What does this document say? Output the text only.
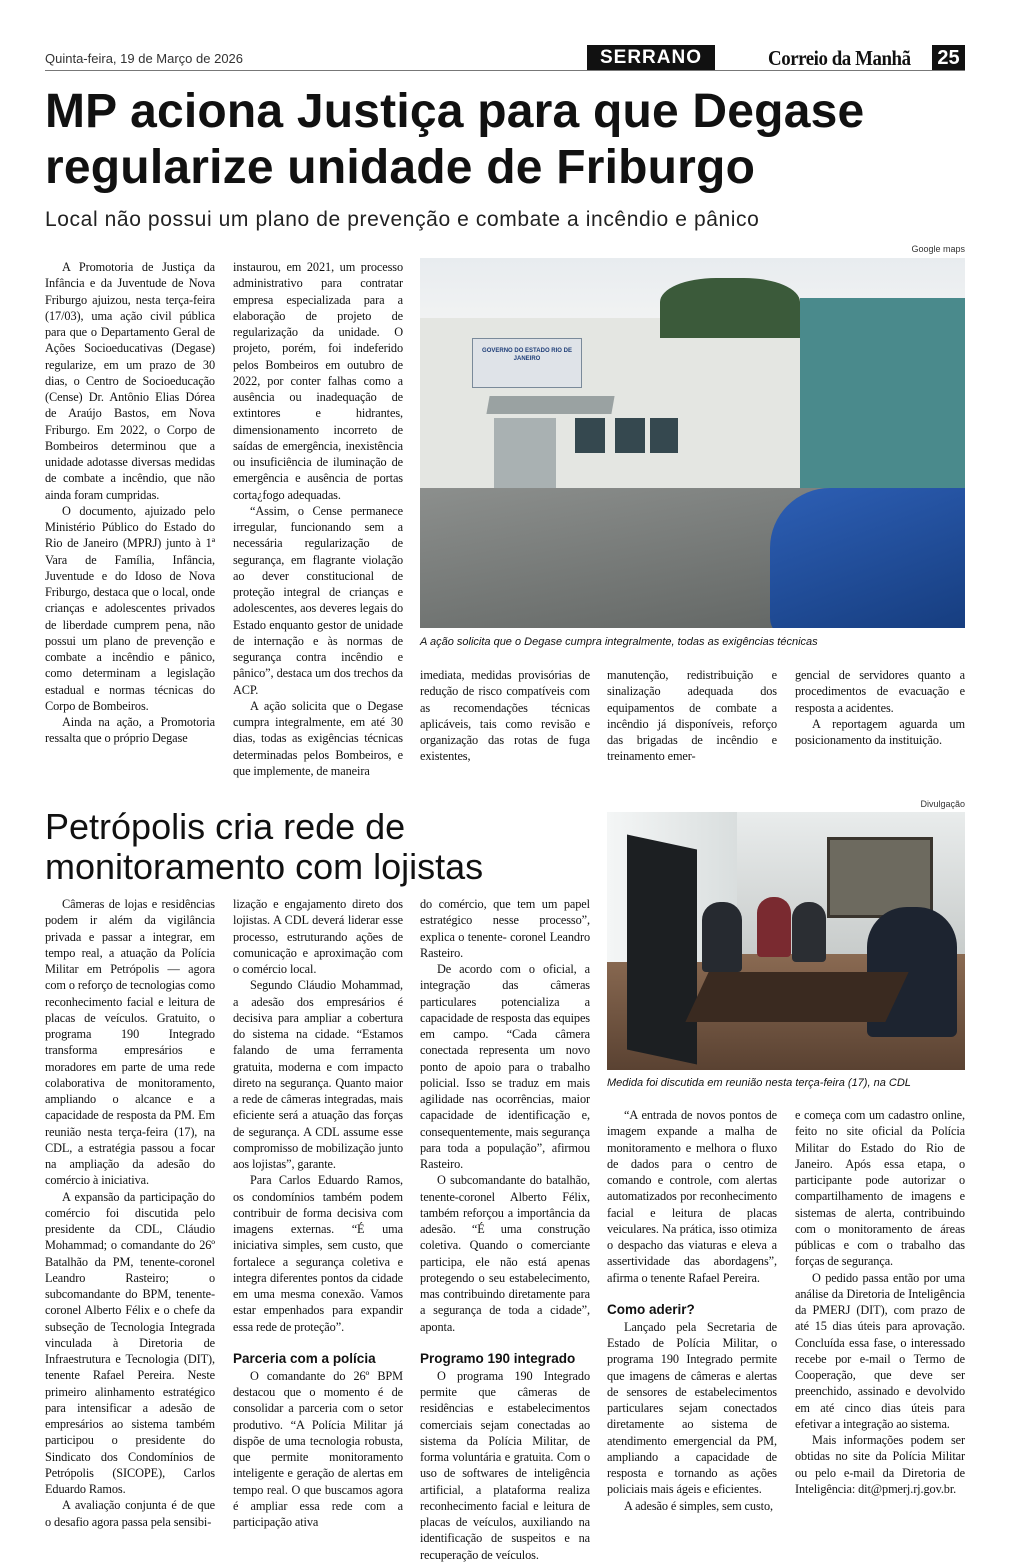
Quinta-feira, 19 de Março de 2026	SERRANO	Correio da Manhã 25
MP aciona Justiça para que Degase regularize unidade de Friburgo
Local não possui um plano de prevenção e combate a incêndio e pânico
Google maps
GOVERNO DO ESTADO RIO DE JANEIRO
A ação solicita que o Degase cumpra integralmente, todas as exigências técnicas

A Promotoria de Justiça da Infância e da Juventude de Nova Friburgo ajuizou, nesta terça-feira (17/03), uma ação civil pública para que o Departamento Geral de Ações Socioeducativas (Degase) regularize, em um prazo de 30 dias, o Centro de Socioeducação (Cense) Dr. Antônio Elias Dórea de Araújo Bastos, em Nova Friburgo. Em 2022, o Corpo de Bombeiros determinou que a unidade adotasse diversas medidas de combate a incêndio, que não ainda foram cumpridas.

O documento, ajuizado pelo Ministério Público do Estado do Rio de Janeiro (MPRJ) junto à 1ª Vara de Família, Infância, Juventude e do Idoso de Nova Friburgo, destaca que o local, onde crianças e adolescentes privados de liberdade cumprem pena, não possui um plano de prevenção e combate a incêndio e pânico, como determinam a legislação estadual e normas técnicas do Corpo de Bombeiros.

Ainda na ação, a Promotoria ressalta que o próprio Degase

instaurou, em 2021, um processo administrativo para contratar empresa especializada para a elaboração de projeto de regularização da unidade. O projeto, porém, foi indeferido pelos Bombeiros em outubro de 2022, por conter falhas como a ausência ou inadequação de extintores e hidrantes, dimensionamento incorreto de saídas de emergência, inexistência ou insuficiência de iluminação de emergência e ausência de portas corta¿fogo adequadas.

“Assim, o Cense permanece irregular, funcionando sem a necessária regularização de segurança, em flagrante violação ao dever constitucional de proteção integral de crianças e adolescentes, aos deveres legais do Estado enquanto gestor de unidade de internação e às normas de segurança contra incêndio e pânico”, destaca um dos trechos da ACP.

A ação solicita que o Degase cumpra integralmente, em até 30 dias, todas as exigências técnicas determinadas pelos Bombeiros, e que implemente, de maneira

imediata, medidas provisórias de redução de risco compatíveis com as recomendações técnicas aplicáveis, tais como revisão e organização das rotas de fuga existentes,

manutenção, redistribuição e sinalização adequada dos equipamentos de combate a incêndio já disponíveis, reforço das brigadas de incêndio e treinamento emer-

gencial de servidores quanto a procedimentos de evacuação e resposta a acidentes.

A reportagem aguarda um posicionamento da instituição.

Divulgação
Petrópolis cria rede de monitoramento com lojistas
Medida foi discutida em reunião nesta terça-feira (17), na CDL

Câmeras de lojas e residências podem ir além da vigilância privada e passar a integrar, em tempo real, a atuação da Polícia Militar em Petrópolis — agora com o reforço de tecnologias como reconhecimento facial e leitura de placas de veículos. Gratuito, o programa 190 Integrado transforma empresários e moradores em parte de uma rede colaborativa de monitoramento, ampliando o alcance e a capacidade de resposta da PM. Em reunião nesta terça-feira (17), na CDL, a estratégia passou a focar na ampliação da adesão do comércio à iniciativa.

A expansão da participação do comércio foi discutida pelo presidente da CDL, Cláudio Mohammad; o comandante do 26º Batalhão da PM, tenente-coronel Leandro Rasteiro; o subcomandante do BPM, tenente-coronel Alberto Félix e o chefe da subseção de Tecnologia Integrada vinculada à Diretoria de Infraestrutura e Tecnologia (DIT), tenente Rafael Pereira. Neste primeiro alinhamento estratégico para intensificar a adesão de empresários ao sistema também participou o presidente do Sindicato dos Condomínios de Petrópolis (SICOPE), Carlos Eduardo Ramos.

A avaliação conjunta é de que o desafio agora passa pela sensibi-

lização e engajamento direto dos lojistas. A CDL deverá liderar esse processo, estruturando ações de comunicação e aproximação com o comércio local.

Segundo Cláudio Mohammad, a adesão dos empresários é decisiva para ampliar a cobertura do sistema na cidade. “Estamos falando de uma ferramenta gratuita, moderna e com impacto direto na segurança. Quanto maior a rede de câmeras integradas, mais eficiente será a atuação das forças de segurança. A CDL assume esse compromisso de mobilização junto aos lojistas”, garante.

Para Carlos Eduardo Ramos, os condomínios também podem contribuir de forma decisiva com imagens externas. “É uma iniciativa simples, sem custo, que fortalece a segurança coletiva e integra diferentes pontos da cidade em uma mesma conexão. Vamos estar empenhados para expandir essa rede de proteção”.

Parceria com a polícia

O comandante do 26º BPM destacou que o momento é de consolidar a parceria com o setor produtivo. “A Polícia Militar já dispõe de uma tecnologia robusta, que permite monitoramento inteligente e geração de alertas em tempo real. O que buscamos agora é ampliar essa rede com a participação ativa

do comércio, que tem um papel estratégico nesse processo”, explica o tenente- coronel Leandro Rasteiro.

De acordo com o oficial, a integração das câmeras particulares potencializa a capacidade de resposta das equipes em campo. “Cada câmera conectada representa um novo ponto de apoio para o trabalho policial. Isso se traduz em mais agilidade nas ocorrências, maior capacidade de identificação e, consequentemente, mais segurança para toda a população”, afirmou Rasteiro.

O subcomandante do batalhão, tenente-coronel Alberto Félix, também reforçou a importância da adesão. “É uma construção coletiva. Quando o comerciante participa, ele não está apenas protegendo o seu estabelecimento, mas contribuindo diretamente para a segurança de toda a cidade”, aponta.

Programo 190 integrado

O programa 190 Integrado permite que câmeras de residências e estabelecimentos comerciais sejam conectadas ao sistema da Polícia Militar, de forma voluntária e gratuita. Com o uso de softwares de inteligência artificial, a plataforma realiza reconhecimento facial e leitura de placas de veículos, auxiliando na identificação de suspeitos e na recuperação de veículos.

“A entrada de novos pontos de imagem expande a malha de monitoramento e melhora o fluxo de dados para o centro de comando e controle, com alertas automatizados por reconhecimento facial e leitura de placas veiculares. Na prática, isso otimiza o despacho das viaturas e eleva a assertividade das abordagens”, afirma o tenente Rafael Pereira.

Como aderir?

Lançado pela Secretaria de Estado de Polícia Militar, o programa 190 Integrado permite que imagens de câmeras e alertas de sensores de estabelecimentos particulares sejam conectados diretamente ao sistema de atendimento emergencial da PM, ampliando a capacidade de resposta e tornando as ações policiais mais ágeis e eficientes.

A adesão é simples, sem custo,

e começa com um cadastro online, feito no site oficial da Polícia Militar do Estado do Rio de Janeiro. Após essa etapa, o participante pode autorizar o compartilhamento de imagens e sistemas de alerta, contribuindo com o monitoramento de áreas públicas e com o trabalho das forças de segurança.

O pedido passa então por uma análise da Diretoria de Inteligência da PMERJ (DIT), com prazo de até 15 dias úteis para aprovação. Concluída essa fase, o interessado recebe por e-mail o Termo de Cooperação, que deve ser preenchido, assinado e devolvido em até cinco dias úteis para efetivar a integração ao sistema.

Mais informações podem ser obtidas no site da Polícia Militar ou pelo e-mail da Diretoria de Inteligência: dit@pmerj.rj.gov.br.
